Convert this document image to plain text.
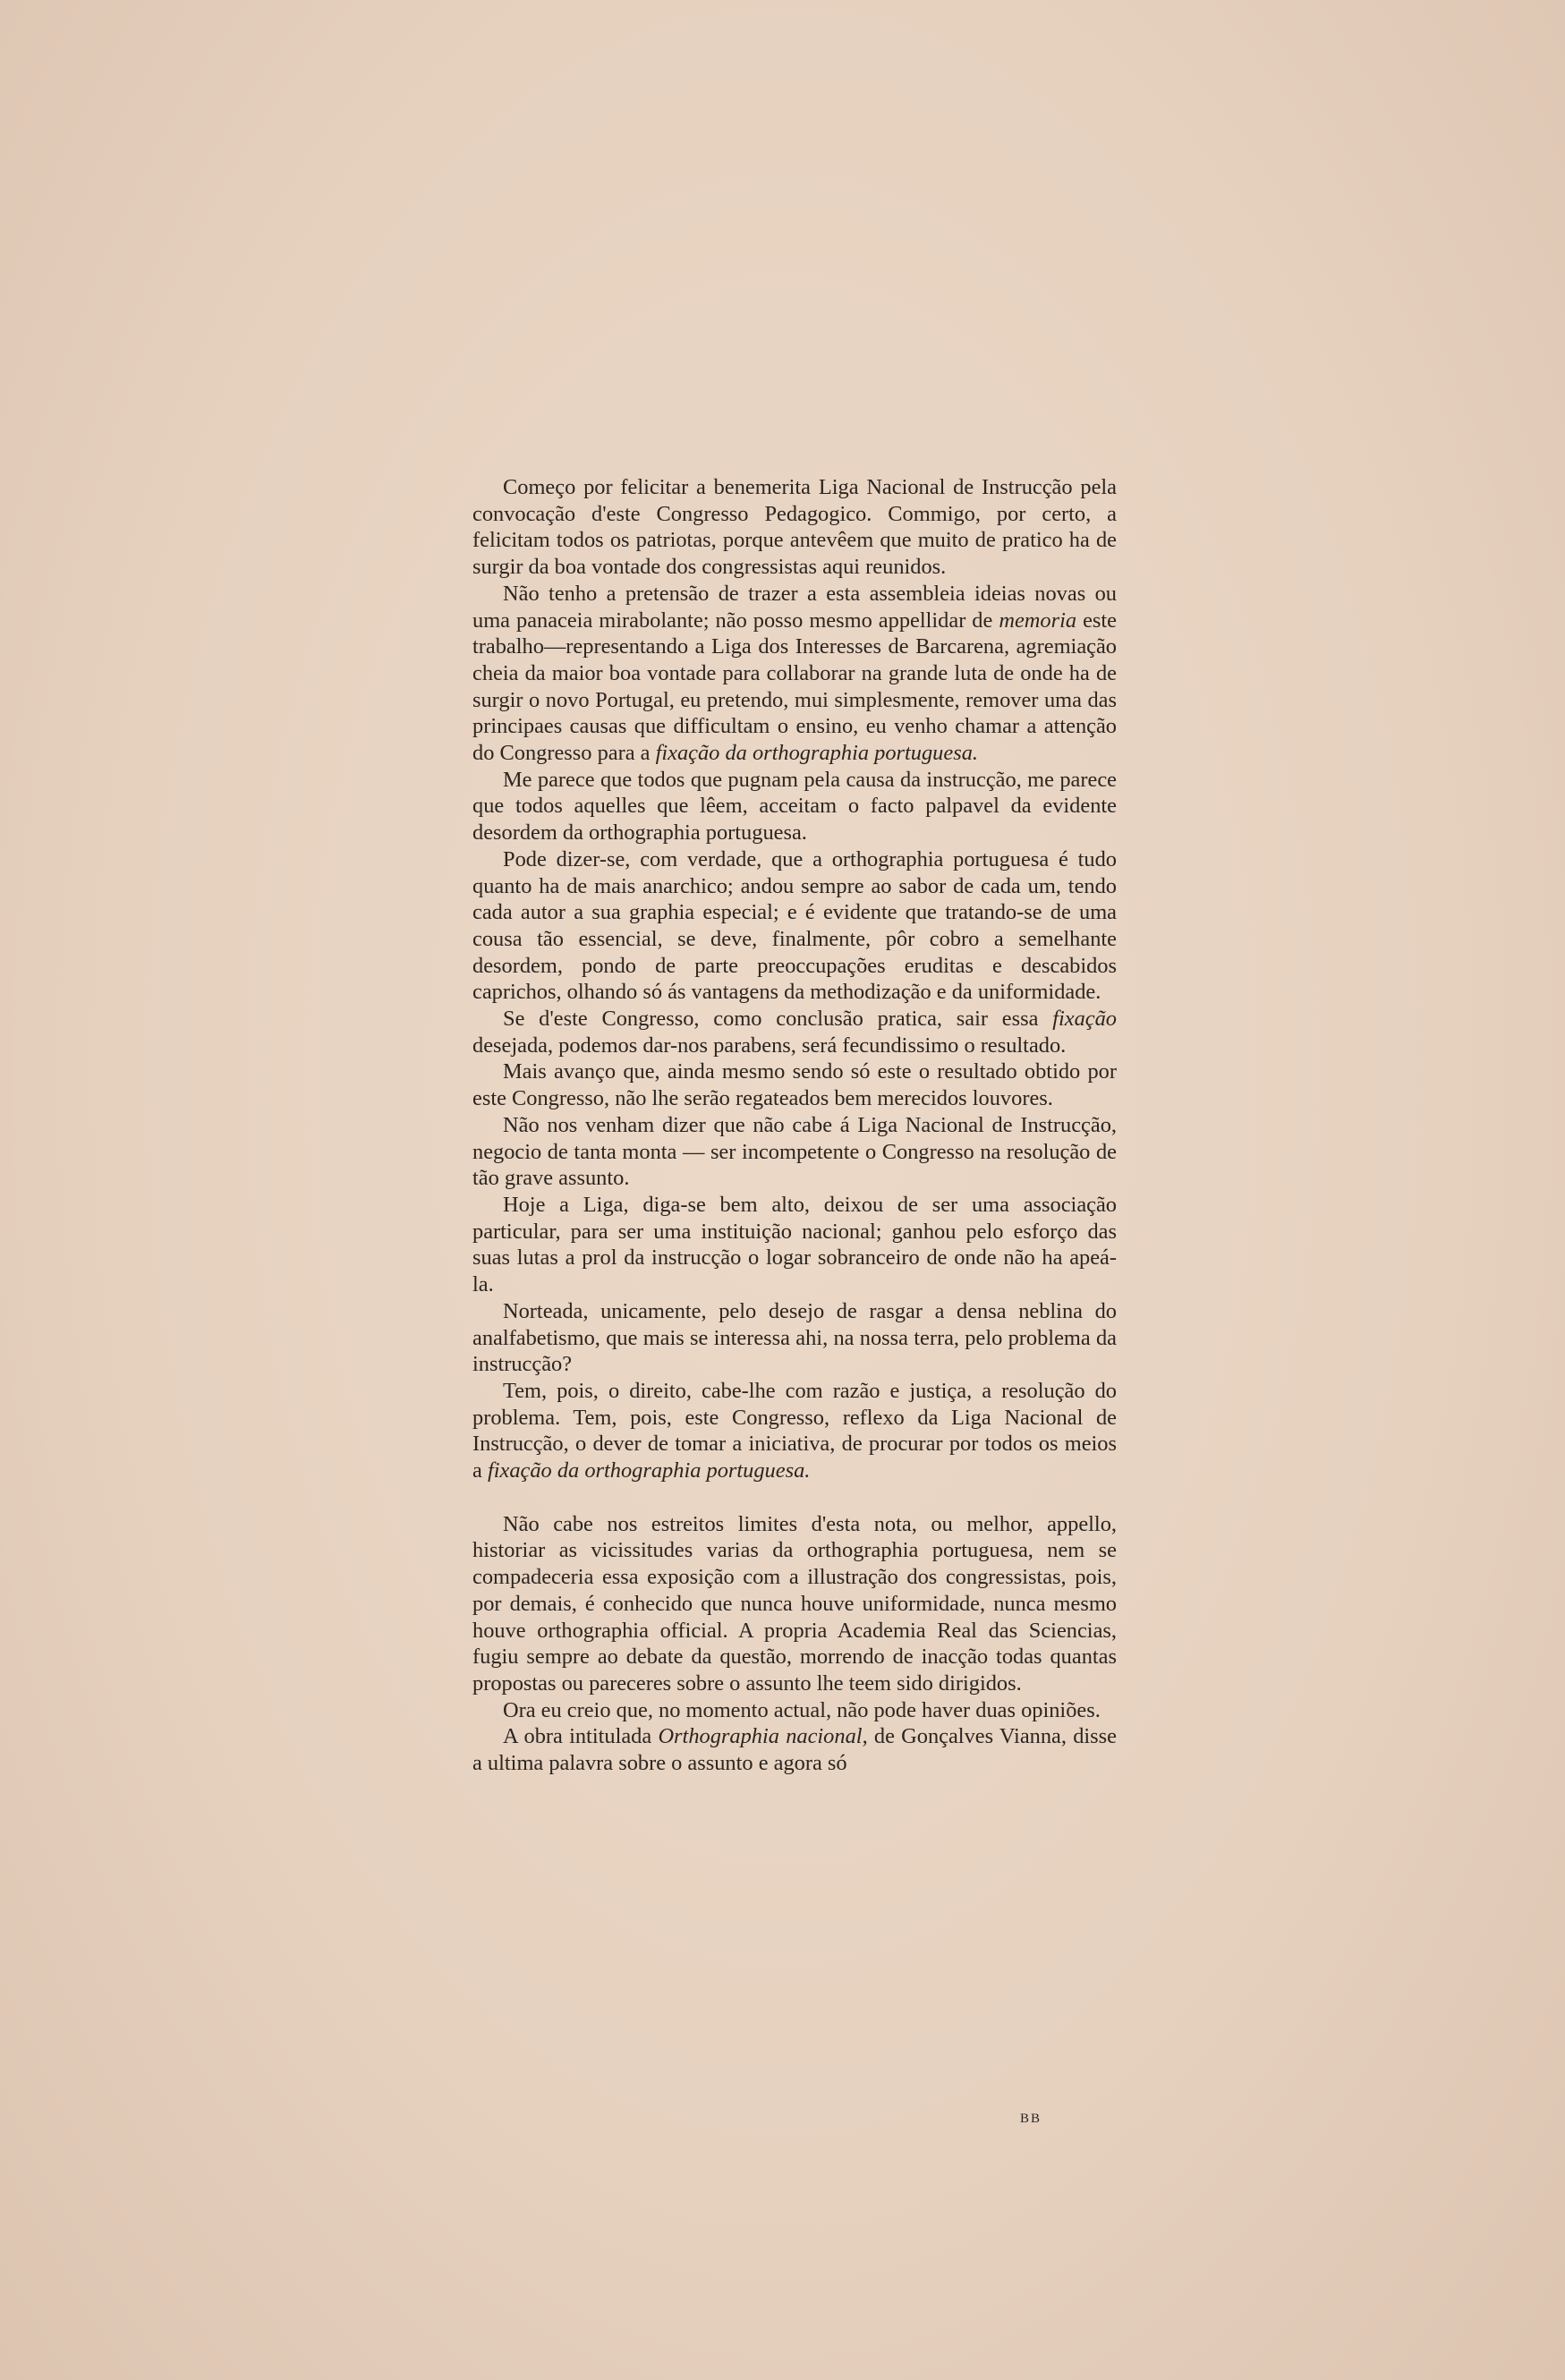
Começo por felicitar a benemerita Liga Nacional de Instrucção pela convocação d'este Congresso Pedagogico. Commigo, por certo, a felicitam todos os patriotas, porque antevêem que muito de pratico ha de surgir da boa vontade dos congressistas aqui reunidos.

Não tenho a pretensão de trazer a esta assembleia ideias novas ou uma panaceia mirabolante; não posso mesmo appellidar de memoria este trabalho—representando a Liga dos Interesses de Barcarena, agremiação cheia da maior boa vontade para collaborar na grande luta de onde ha de surgir o novo Portugal, eu pretendo, mui simplesmente, remover uma das principaes causas que difficultam o ensino, eu venho chamar a attenção do Congresso para a fixação da orthographia portuguesa.

Me parece que todos que pugnam pela causa da instrucção, me parece que todos aquelles que lêem, acceitam o facto palpavel da evidente desordem da orthographia portuguesa.

Pode dizer-se, com verdade, que a orthographia portuguesa é tudo quanto ha de mais anarchico; andou sempre ao sabor de cada um, tendo cada autor a sua graphia especial; e é evidente que tratando-se de uma cousa tão essencial, se deve, finalmente, pôr cobro a semelhante desordem, pondo de parte preoccupações eruditas e descabidos caprichos, olhando só ás vantagens da methodização e da uniformidade.

Se d'este Congresso, como conclusão pratica, sair essa fixação desejada, podemos dar-nos parabens, será fecundissimo o resultado.

Mais avanço que, ainda mesmo sendo só este o resultado obtido por este Congresso, não lhe serão regateados bem merecidos louvores.

Não nos venham dizer que não cabe á Liga Nacional de Instrucção, negocio de tanta monta — ser incompetente o Congresso na resolução de tão grave assunto.

Hoje a Liga, diga-se bem alto, deixou de ser uma associação particular, para ser uma instituição nacional; ganhou pelo esforço das suas lutas a prol da instrucção o logar sobranceiro de onde não ha apeá-la.

Norteada, unicamente, pelo desejo de rasgar a densa neblina do analfabetismo, que mais se interessa ahi, na nossa terra, pelo problema da instrucção?

Tem, pois, o direito, cabe-lhe com razão e justiça, a resolução do problema. Tem, pois, este Congresso, reflexo da Liga Nacional de Instrucção, o dever de tomar a iniciativa, de procurar por todos os meios a fixação da orthographia portuguesa.

Não cabe nos estreitos limites d'esta nota, ou melhor, appello, historiar as vicissitudes varias da orthographia portuguesa, nem se compadeceria essa exposição com a illustração dos congressistas, pois, por demais, é conhecido que nunca houve uniformidade, nunca mesmo houve orthographia official. A propria Academia Real das Sciencias, fugiu sempre ao debate da questão, morrendo de inacção todas quantas propostas ou pareceres sobre o assunto lhe teem sido dirigidos.

Ora eu creio que, no momento actual, não pode haver duas opiniões.

A obra intitulada Orthographia nacional, de Gonçalves Vianna, disse a ultima palavra sobre o assunto e agora só

BB
